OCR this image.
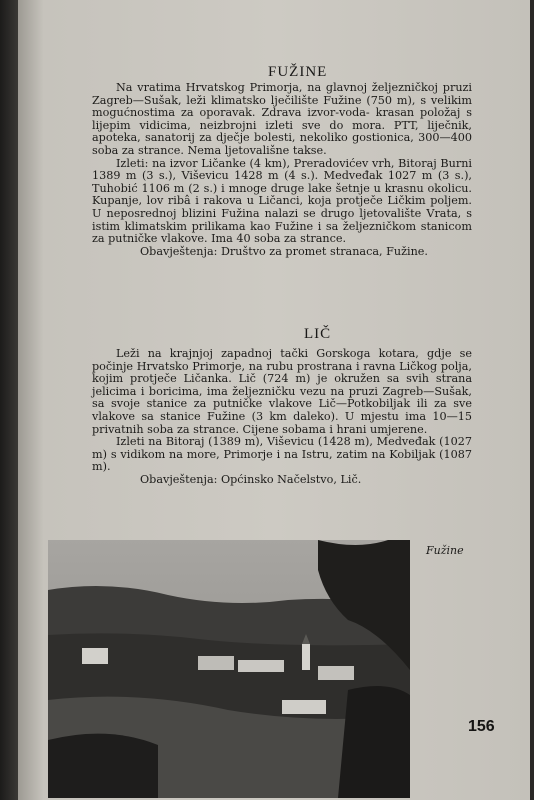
FUŽINE

Na vratima Hrvatskog Primorja, na glavnoj željezničkoj pruzi Zagreb—Sušak, leži klimatsko lječilište Fužine (750 m), s velikim mogućnostima za oporavak. Zdrava izvor-voda- krasan položaj s lijepim vidicima, neizbrojni izleti sve do mora. PTT, liječnik, apoteka, sanatorij za dječje bolesti, nekoliko gostionica, 300—400 soba za strance. Nema ljetovališne takse.

Izleti: na izvor Ličanke (4 km), Preradovićev vrh, Bitoraj Burni 1389 m (3 s.), Viševicu 1428 m (4 s.). Medveđak 1027 m (3 s.), Tuhobić 1106 m (2 s.) i mnoge druge lake šetnje u krasnu okolicu. Kupanje, lov ribâ i rakova u Ličanci, koja protječe Ličkim poljem. U neposrednoj blizini Fužina nalazi se drugo ljetovalište Vrata, s istim klimatskim prilikama kao Fužine i sa željezničkom stanicom za putničke vlakove. Ima 40 soba za strance.

Obavještenja: Društvo za promet stranaca, Fužine.

LIČ

Leži na krajnjoj zapadnoj tački Gorskoga kotara, gdje se počinje Hrvatsko Primorje, na rubu prostrana i ravna Ličkog polja, kojim protječe Ličanka. Lič (724 m) je okružen sa svih strana jelicima i boricima, ima željezničku vezu na pruzi Zagreb—Sušak, sa svoje stanice za putničke vlakove Lič—Potkobiljak ili za sve vlakove sa stanice Fužine (3 km daleko). U mjestu ima 10—15 privatnih soba za strance. Cijene sobama i hrani umjerene.

Izleti na Bitoraj (1389 m), Viševicu (1428 m), Medveđak (1027 m) s vidikom na more, Primorje i na Istru, zatim na Kobiljak (1087 m).

Obavještenja: Općinsko Načelstvo, Lič.

Fužine
156
